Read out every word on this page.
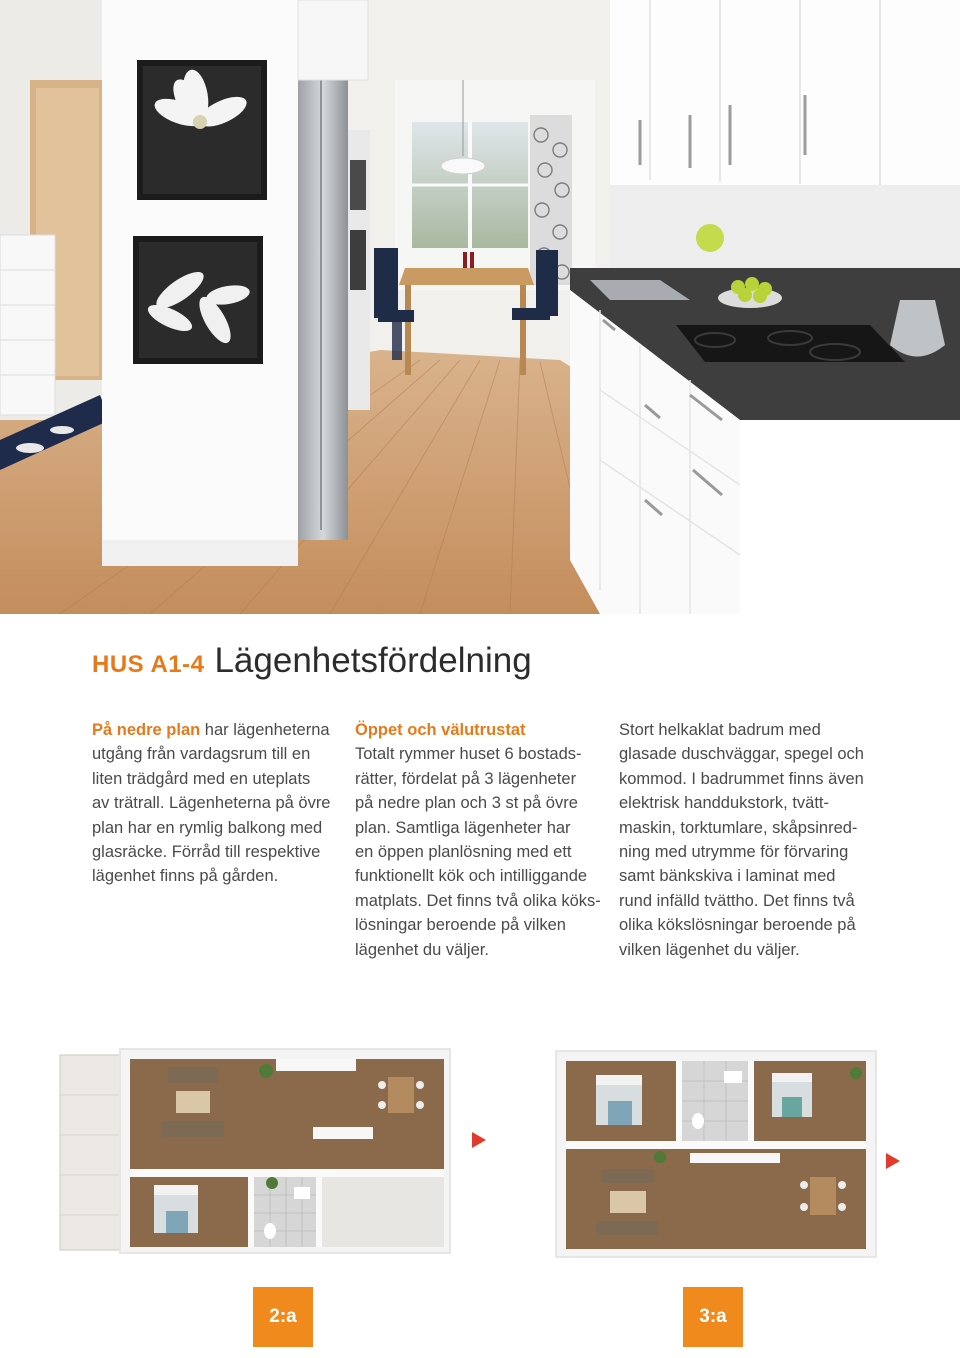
HUS A1-4 Lägenhetsfördelning
På nedre plan har lägenheterna
utgång från vardagsrum till en
liten trädgård med en uteplats
av trätrall. Lägenheterna på övre
plan har en rymlig balkong med
glasräcke. Förråd till respektive
lägenhet finns på gården.
Öppet och välutrustat
Totalt rymmer huset 6 bostads-
rätter, fördelat på 3 lägenheter
på nedre plan och 3 st på övre
plan. Samtliga lägenheter har
en öppen planlösning med ett
funktionellt kök och intilliggande
matplats. Det finns två olika köks-
lösningar beroende på vilken
lägenhet du väljer.
Stort helkaklat badrum med
glasade duschväggar, spegel och
kommod. I badrummet finns även
elektrisk handdukstork, tvätt-
maskin, torktumlare, skåpsinred-
ning med utrymme för förvaring
samt bänkskiva i laminat med
rund infälld tvättho. Det finns två
olika kökslösningar beroende på
vilken lägenhet du väljer.
2:a	3:a
